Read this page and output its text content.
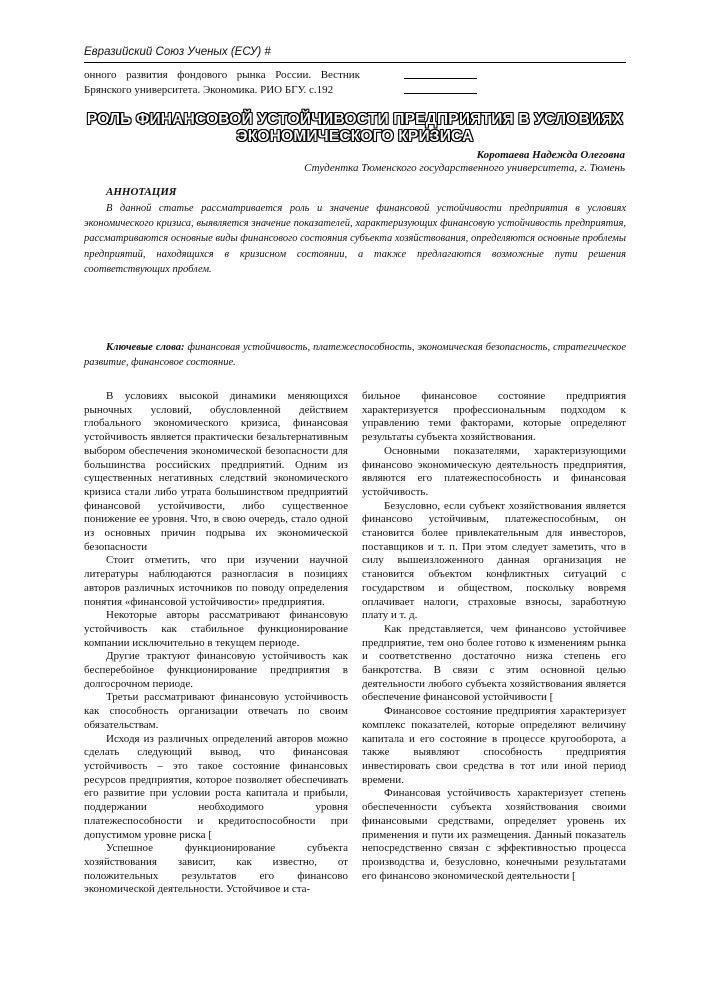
Евразийский Союз Ученых (ЕСУ) #

онного развития фондового рынка России. Вестник Брянского университета. Экономика. РИО БГУ. с.192

РОЛЬ ФИНАНСОВОЙ УСТОЙЧИВОСТИ ПРЕДПРИЯТИЯ В УСЛОВИЯХ
ЭКОНОМИЧЕСКОГО КРИЗИСА
Коротаева Надежда Олеговна
Студентка Тюменского государственного университета, г. Тюмень
АННОТАЦИЯ
В данной статье рассматривается роль и значение финансовой устойчивости предприятия в условиях экономического кризиса, выявляется значение показателей, характеризующих финансовую устойчивость предприятия, рассматриваются основные виды финансового состояния субъекта хозяйствования, определяются основные проблемы предприятий, находящихся в кризисном состоянии, а также предлагаются возможные пути решения соответствующих проблем.
Ключевые слова: финансовая устойчивость, платежеспособность, экономическая безопасность, стратегическое развитие, финансовое состояние.

В условиях высокой динамики меняющихся рыночных условий, обусловленной действием глобального экономического кризиса, финансовая устойчивость является практически безальтернативным выбором обеспечения экономической безопасности для большинства российских предприятий. Одним из существенных негативных следствий экономического кризиса стали либо утрата большинством предприятий финансовой устойчивости, либо существенное понижение ее уровня. Что, в свою очередь, стало одной из основных причин подрыва их экономической безопасности

Стоит отметить, что при изучении научной литературы наблюдаются разногласия в позициях авторов различных источников по поводу определения понятия «финансовой устойчивости» предприятия.

Некоторые авторы рассматривают финансовую устойчивость как стабильное функционирование компании исключительно в текущем периоде.

Другие трактуют финансовую устойчивость как бесперебойное функционирование предприятия в долгосрочном периоде.

Третьи рассматривают финансовую устойчивость как способность организации отвечать по своим обязательствам.

Исходя из различных определений авторов можно сделать следующий вывод, что финансовая устойчивость – это такое состояние финансовых ресурсов предприятия, которое позволяет обеспечивать его развитие при условии роста капитала и прибыли, поддержании необходимого уровня платежеспособности и кредитоспособности при допустимом уровне риска [

Успешное функционирование субъекта хозяйствования зависит, как известно, от положительных результатов его финансово экономической деятельности. Устойчивое и ста-

бильное финансовое состояние предприятия характеризуется профессиональным подходом к управлению теми факторами, которые определяют результаты субъекта хозяйствования.

Основными показателями, характеризующими финансово экономическую деятельность предприятия, являются его платежеспособность и финансовая устойчивость.

Безусловно, если субъект хозяйствования является финансово устойчивым, платежеспособным, он становится более привлекательным для инвесторов, поставщиков и т. п. При этом следует заметить, что в силу вышеизложенного данная организация не становится объектом конфликтных ситуаций с государством и обществом, поскольку вовремя оплачивает налоги, страховые взносы, заработную плату и т. д.

Как представляется, чем финансово устойчивее предприятие, тем оно более готово к изменениям рынка и соответственно достаточно низка степень его банкротства. В связи с этим основной целью деятельности любого субъекта хозяйствования является обеспечение финансовой устойчивости [

Финансовое состояние предприятия характеризует комплекс показателей, которые определяют величину капитала и его состояние в процессе кругооборота, а также выявляют способность предприятия инвестировать свои средства в тот или иной период времени.

Финансовая устойчивость характеризует степень обеспеченности субъекта хозяйствования своими финансовыми средствами, определяет уровень их применения и пути их размещения. Данный показатель непосредственно связан с эффективностью процесса производства и, безусловно, конечными результатами его финансово экономической деятельности [
